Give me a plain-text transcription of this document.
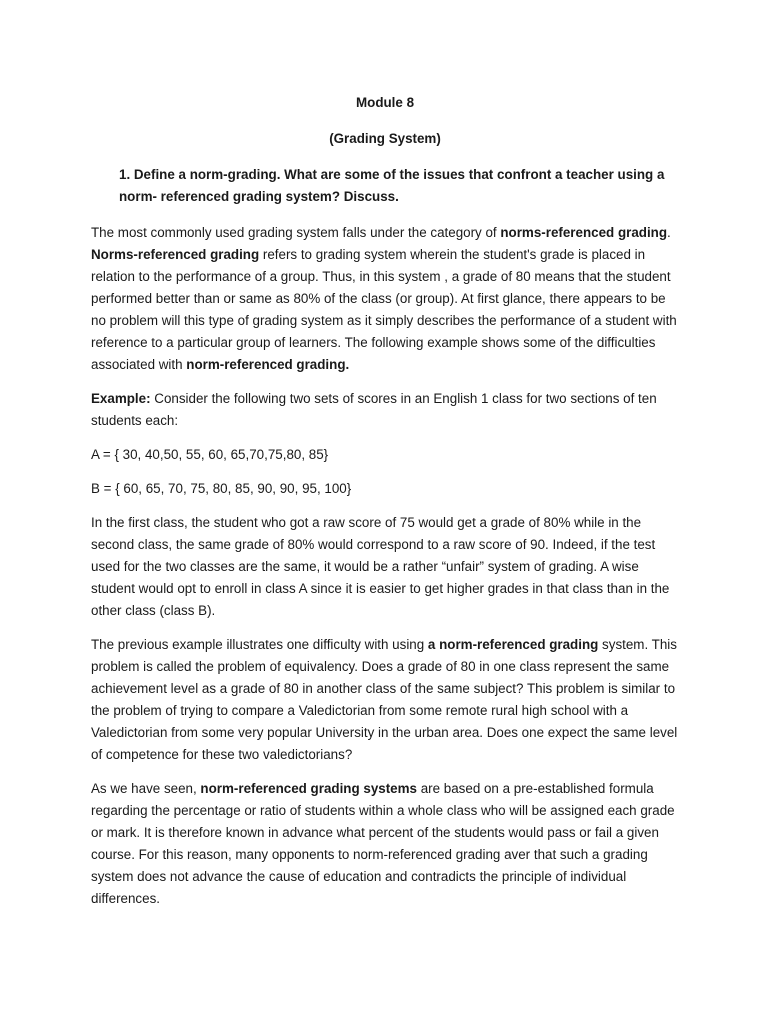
Module 8

(Grading System)

1. Define a norm-grading. What are some of the issues that confront a teacher using a norm- referenced grading system? Discuss.

The most commonly used grading system falls under the category of norms-referenced grading. Norms-referenced grading refers to grading system wherein the student's grade is placed in relation to the performance of a group. Thus, in this system , a grade of 80 means that the student performed better than or same as 80% of the class (or group). At first glance, there appears to be no problem will this type of grading system as it simply describes the performance of a student with reference to a particular group of learners. The following example shows some of the difficulties associated with norm-referenced grading.

Example: Consider the following two sets of scores in an English 1 class for two sections of ten students each:

A = { 30, 40,50, 55, 60, 65,70,75,80, 85}

B = { 60, 65, 70, 75, 80, 85, 90, 90, 95, 100}

In the first class, the student who got a raw score of 75 would get a grade of 80% while in the second class, the same grade of 80% would correspond to a raw score of 90. Indeed, if the test used for the two classes are the same, it would be a rather “unfair” system of grading. A wise student would opt to enroll in class A since it is easier to get higher grades in that class than in the other class (class B).

The previous example illustrates one difficulty with using a norm-referenced grading system. This problem is called the problem of equivalency. Does a grade of 80 in one class represent the same achievement level as a grade of 80 in another class of the same subject? This problem is similar to the problem of trying to compare a Valedictorian from some remote rural high school with a Valedictorian from some very popular University in the urban area. Does one expect the same level of competence for these two valedictorians?

As we have seen, norm-referenced grading systems are based on a pre-established formula regarding the percentage or ratio of students within a whole class who will be assigned each grade or mark. It is therefore known in advance what percent of the students would pass or fail a given course. For this reason, many opponents to norm-referenced grading aver that such a grading system does not advance the cause of education and contradicts the principle of individual differences.
